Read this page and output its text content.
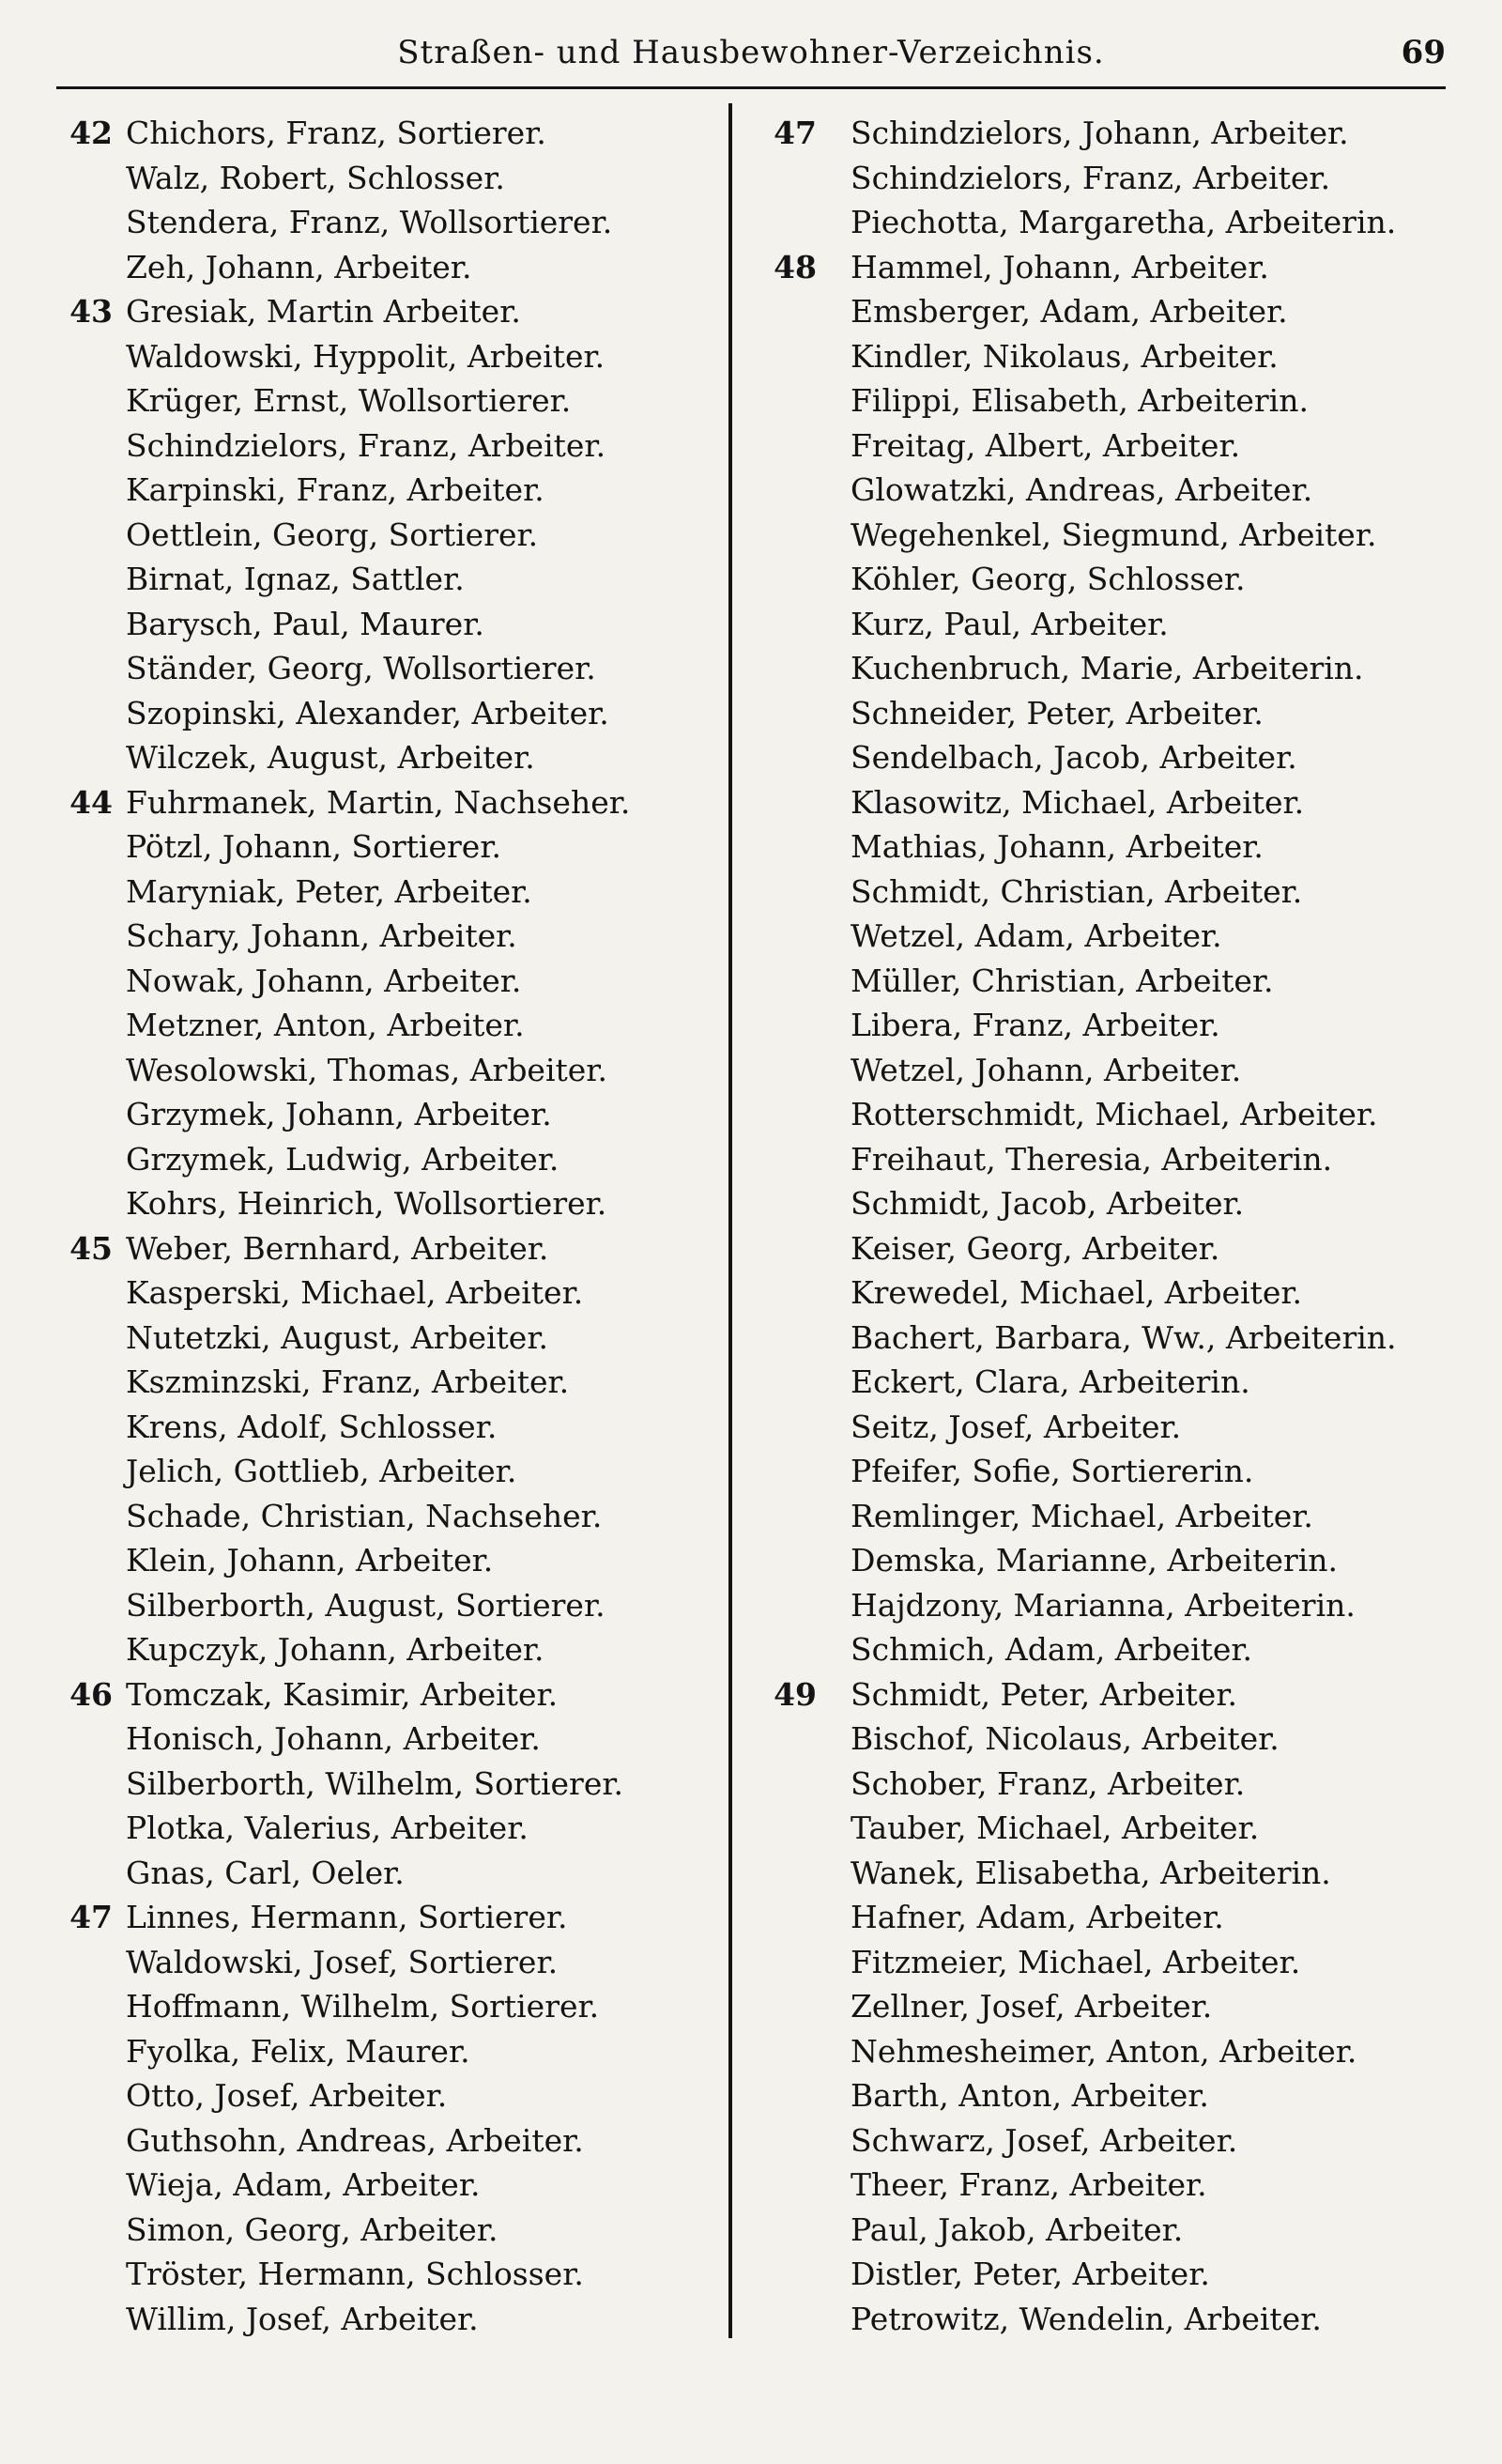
Straßen- und Hausbewohner-Verzeichnis.	69
42 Chichors, Franz, Sortierer.
Walz, Robert, Schlosser.
Stendera, Franz, Wollsortierer.
Zeh, Johann, Arbeiter.
43 Gresiak, Martin Arbeiter.
Waldowski, Hyppolit, Arbeiter.
Krüger, Ernst, Wollsortierer.
Schindzielors, Franz, Arbeiter.
Karpinski, Franz, Arbeiter.
Oettlein, Georg, Sortierer.
Birnat, Ignaz, Sattler.
Barysch, Paul, Maurer.
Ständer, Georg, Wollsortierer.
Szopinski, Alexander, Arbeiter.
Wilczek, August, Arbeiter.
44 Fuhrmanek, Martin, Nachseher.
Pötzl, Johann, Sortierer.
Maryniak, Peter, Arbeiter.
Schary, Johann, Arbeiter.
Nowak, Johann, Arbeiter.
Metzner, Anton, Arbeiter.
Wesolowski, Thomas, Arbeiter.
Grzymek, Johann, Arbeiter.
Grzymek, Ludwig, Arbeiter.
Kohrs, Heinrich, Wollsortierer.
45 Weber, Bernhard, Arbeiter.
Kasperski, Michael, Arbeiter.
Nutetzki, August, Arbeiter.
Kszminzski, Franz, Arbeiter.
Krens, Adolf, Schlosser.
Jelich, Gottlieb, Arbeiter.
Schade, Christian, Nachseher.
Klein, Johann, Arbeiter.
Silberborth, August, Sortierer.
Kupczyk, Johann, Arbeiter.
46 Tomczak, Kasimir, Arbeiter.
Honisch, Johann, Arbeiter.
Silberborth, Wilhelm, Sortierer.
Plotka, Valerius, Arbeiter.
Gnas, Carl, Oeler.
47 Linnes, Hermann, Sortierer.
Waldowski, Josef, Sortierer.
Hoffmann, Wilhelm, Sortierer.
Fyolka, Felix, Maurer.
Otto, Josef, Arbeiter.
Guthsohn, Andreas, Arbeiter.
Wieja, Adam, Arbeiter.
Simon, Georg, Arbeiter.
Tröster, Hermann, Schlosser.
Willim, Josef, Arbeiter.
47 Schindzielors, Johann, Arbeiter.
Schindzielors, Franz, Arbeiter.
Piechotta, Margaretha, Arbeiterin.
48 Hammel, Johann, Arbeiter.
Emsberger, Adam, Arbeiter.
Kindler, Nikolaus, Arbeiter.
Filippi, Elisabeth, Arbeiterin.
Freitag, Albert, Arbeiter.
Glowatzki, Andreas, Arbeiter.
Wegehenkel, Siegmund, Arbeiter.
Köhler, Georg, Schlosser.
Kurz, Paul, Arbeiter.
Kuchenbruch, Marie, Arbeiterin.
Schneider, Peter, Arbeiter.
Sendelbach, Jacob, Arbeiter.
Klasowitz, Michael, Arbeiter.
Mathias, Johann, Arbeiter.
Schmidt, Christian, Arbeiter.
Wetzel, Adam, Arbeiter.
Müller, Christian, Arbeiter.
Libera, Franz, Arbeiter.
Wetzel, Johann, Arbeiter.
Rotterschmidt, Michael, Arbeiter.
Freihaut, Theresia, Arbeiterin.
Schmidt, Jacob, Arbeiter.
Keiser, Georg, Arbeiter.
Krewedel, Michael, Arbeiter.
Bachert, Barbara, Ww., Arbeiterin.
Eckert, Clara, Arbeiterin.
Seitz, Josef, Arbeiter.
Pfeifer, Sofie, Sortiererin.
Remlinger, Michael, Arbeiter.
Demska, Marianne, Arbeiterin.
Hajdzony, Marianna, Arbeiterin.
Schmich, Adam, Arbeiter.
49 Schmidt, Peter, Arbeiter.
Bischof, Nicolaus, Arbeiter.
Schober, Franz, Arbeiter.
Tauber, Michael, Arbeiter.
Wanek, Elisabetha, Arbeiterin.
Hafner, Adam, Arbeiter.
Fitzmeier, Michael, Arbeiter.
Zellner, Josef, Arbeiter.
Nehmesheimer, Anton, Arbeiter.
Barth, Anton, Arbeiter.
Schwarz, Josef, Arbeiter.
Theer, Franz, Arbeiter.
Paul, Jakob, Arbeiter.
Distler, Peter, Arbeiter.
Petrowitz, Wendelin, Arbeiter.
